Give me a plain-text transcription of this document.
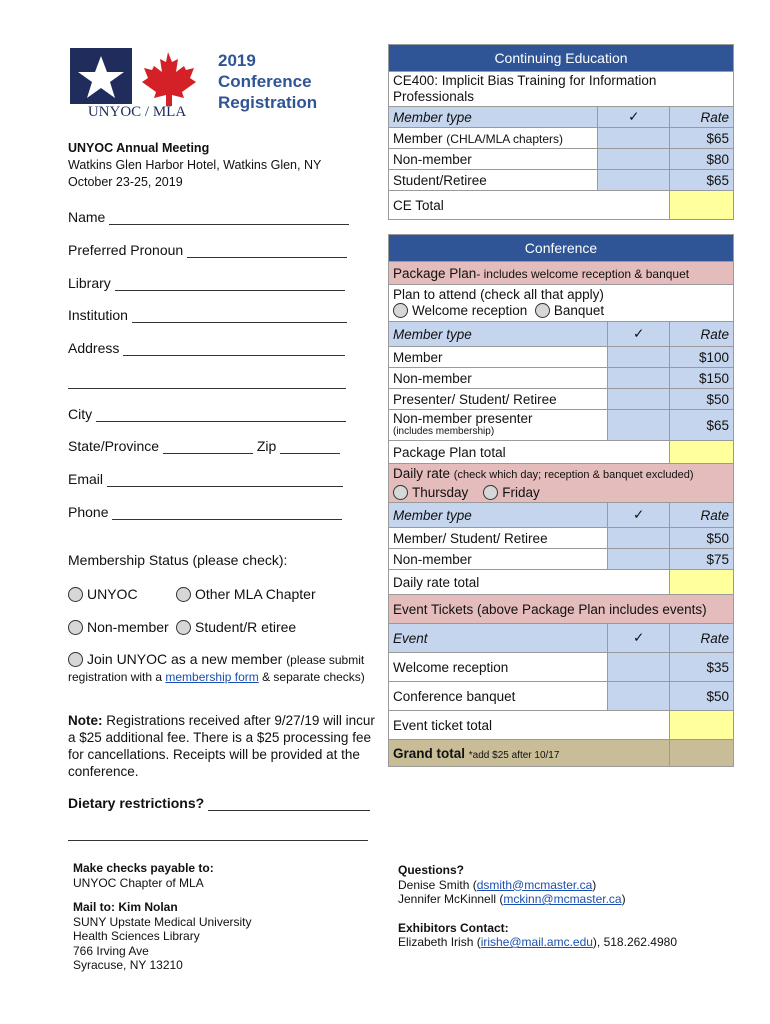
UNYOC / MLA
2019
Conference
Registration
UNYOC Annual Meeting
Watkins Glen Harbor Hotel, Watkins Glen, NY
October 23-25, 2019
Name
Preferred Pronoun
Library
Institution
Address
City
State/Province	Zip
Email
Phone
Membership Status (please check):
UNYOC	Other MLA Chapter
Non-member	Student/R etiree
Join UNYOC as a new member (please submit registration with a membership form & separate checks)
Note: Registrations received after 9/27/19 will incur a $25 additional fee. There is a $25 processing fee for cancellations. Receipts will be provided at the conference.
Dietary restrictions?
Continuing Education		
CE400: Implicit Bias Training for Information Professionals		
Member type	✓	Rate
Member (CHLA/MLA chapters)		$65
Non-member		$80
Student/Retiree		$65
CE Total		
Conference		
Package Plan- includes welcome reception & banquet		

Plan to attend (check all that apply)
Welcome reception Banquet		

Member type	✓	Rate
Member		$100
Non-member		$150
Presenter/ Student/ Retiree		$50

Non-member presenter
(includes membership)		$65
Package Plan total		

Daily rate (check which day; reception & banquet excluded)
Thursday Friday		

Member type	✓	Rate
Member/ Student/ Retiree		$50
Non-member		$75
Daily rate total		
Event Tickets (above Package Plan includes events)		
Event	✓	Rate
Welcome reception		$35
Conference banquet		$50
Event ticket total		
Grand total *add $25 after 10/17		
Make checks payable to:
UNYOC Chapter of MLA
Mail to: Kim Nolan
SUNY Upstate Medical University
Health Sciences Library
766 Irving Ave
Syracuse, NY 13210
Questions?
Denise Smith (dsmith@mcmaster.ca)
Jennifer McKinnell (mckinn@mcmaster.ca)
Exhibitors Contact:
Elizabeth Irish (irishe@mail.amc.edu), 518.262.4980
